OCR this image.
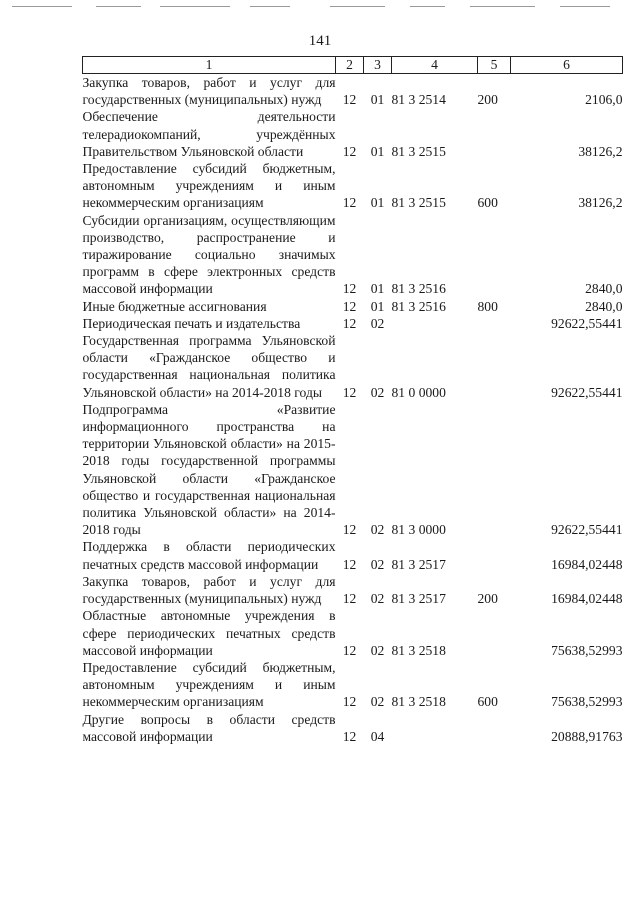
141
1	2	3	4	5	6
Закупка товаров, работ и услуг для государственных (муниципальных) нужд	12	01	81 3 2514	200	2106,0
Обеспечение деятельности телерадиокомпаний, учреждённых Правительством Ульяновской области	12	01	81 3 2515		38126,2
Предоставление субсидий бюджетным, автономным учреждениям и иным некоммерческим организациям	12	01	81 3 2515	600	38126,2
Субсидии организациям, осуществляющим производство, распространение и тиражирование социально значимых программ в сфере электронных средств массовой информации	12	01	81 3 2516		2840,0
Иные бюджетные ассигнования	12	01	81 3 2516	800	2840,0
Периодическая печать и издательства	12	02			92622,55441
Государственная программа Ульяновской области «Гражданское общество и государственная национальная политика Ульяновской области» на 2014-2018 годы	12	02	81 0 0000		92622,55441
Подпрограмма «Развитие информационного пространства на территории Ульяновской области» на 2015-2018 годы государственной программы Ульяновской области «Гражданское общество и государственная национальная политика Ульяновской области» на 2014-2018 годы	12	02	81 3 0000		92622,55441
Поддержка в области периодических печатных средств массовой информации	12	02	81 3 2517		16984,02448
Закупка товаров, работ и услуг для государственных (муниципальных) нужд	12	02	81 3 2517	200	16984,02448
Областные автономные учреждения в сфере периодических печатных средств массовой информации	12	02	81 3 2518		75638,52993
Предоставление субсидий бюджетным, автономным учреждениям и иным некоммерческим организациям	12	02	81 3 2518	600	75638,52993
Другие вопросы в области средств массовой информации	12	04			20888,91763
